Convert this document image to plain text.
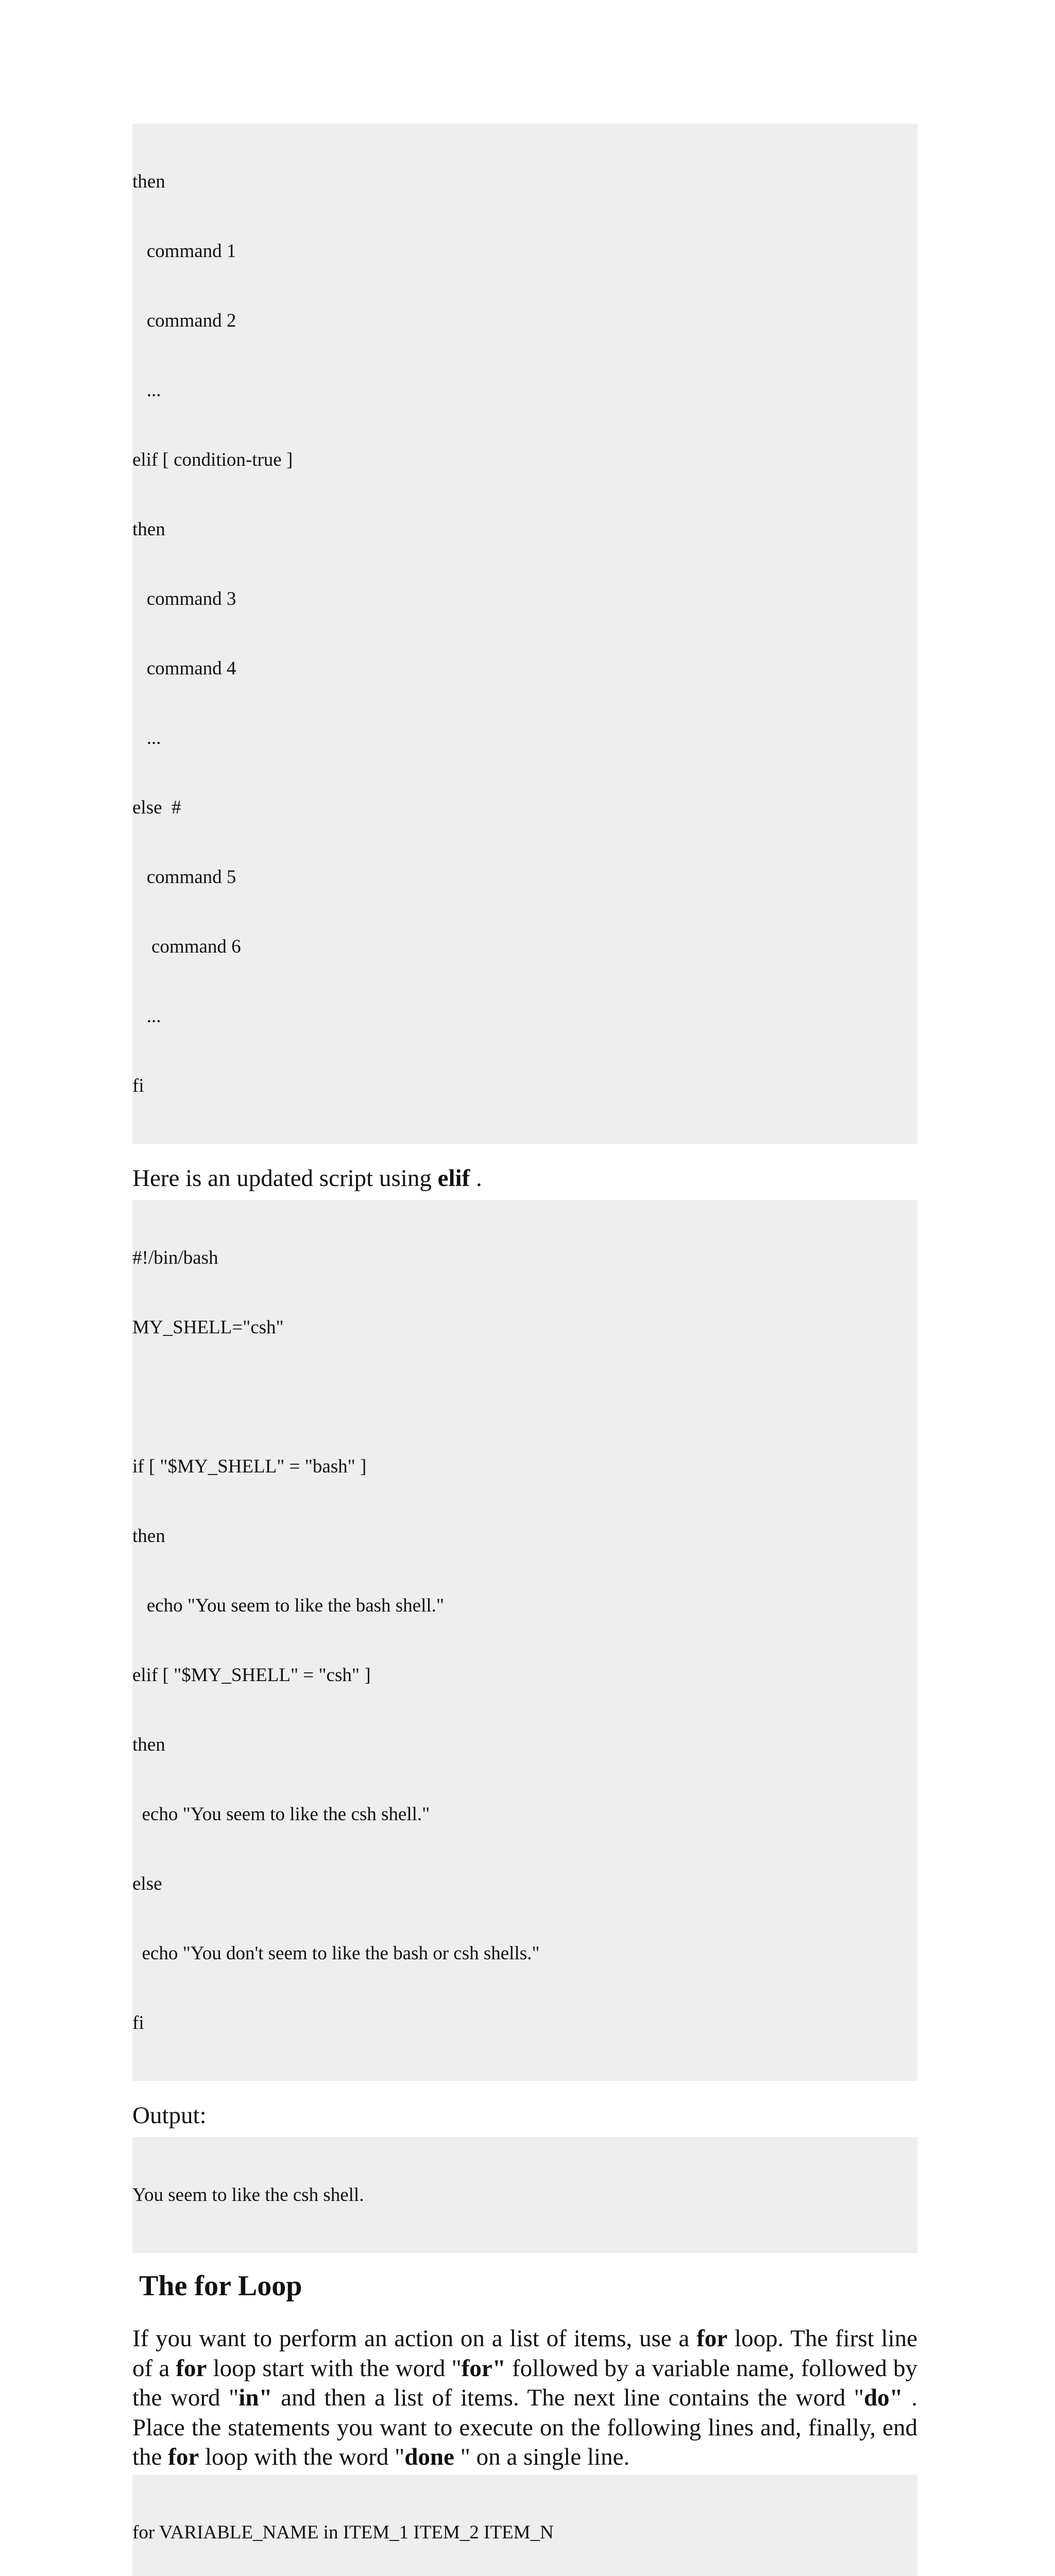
then

command 1

command 2

...

elif [ condition-true ]

then

command 3

command 4

...

else  #

command 5

command 6

...

fi

Here is an updated script using elif .

#!/bin/bash

MY_SHELL="csh"

if [ "$MY_SHELL" = "bash" ]

then

echo "You seem to like the bash shell."

elif [ "$MY_SHELL" = "csh" ]

then

echo "You seem to like the csh shell."

else

echo "You don't seem to like the bash or csh shells."

fi

Output:

You seem to like the csh shell.

The for Loop
If you want to perform an action on a list of items, use a for loop. The first line of a for loop start with the word "for" followed by a variable name, followed by the word "in" and then a list of items. The next line contains the word "do" . Place the statements you want to execute on the following lines and, finally, end the for loop with the word "done " on a single line.

for VARIABLE_NAME in ITEM_1 ITEM_2 ITEM_N
